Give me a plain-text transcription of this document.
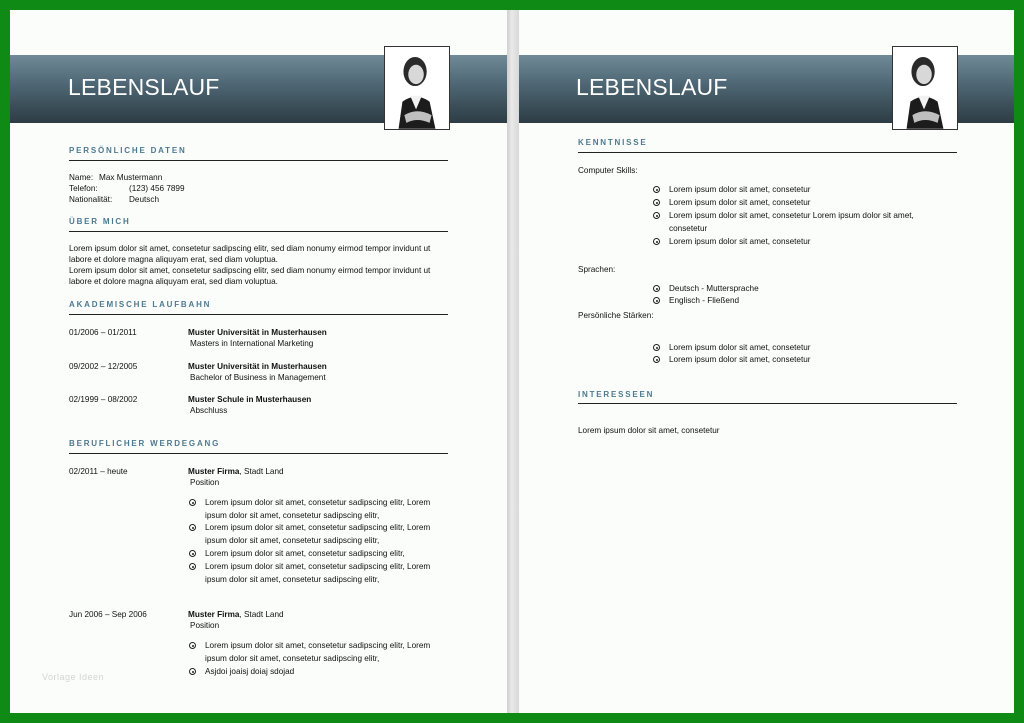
LEBENSLAUF
PERSÖNLICHE DATEN
Name: Max Mustermann
Telefon:	(123) 456 7899
Nationalität: Deutsch
ÜBER MICH
Lorem ipsum dolor sit amet, consetetur sadipscing elitr, sed diam nonumy eirmod tempor invidunt ut
labore et dolore magna aliquyam erat, sed diam voluptua.
Lorem ipsum dolor sit amet, consetetur sadipscing elitr, sed diam nonumy eirmod tempor invidunt ut
labore et dolore magna aliquyam erat, sed diam voluptua.
AKADEMISCHE LAUFBAHN
01/2006 – 01/2011	Muster Universität in Musterhausen
Masters in International Marketing
09/2002 – 12/2005	Muster Universität in Musterhausen
Bachelor of Business in Management
02/1999 – 08/2002	Muster Schule in Musterhausen
Abschluss
BERUFLICHER WERDEGANG
02/2011 – heute	Muster Firma, Stadt Land
Position
Lorem ipsum dolor sit amet, consetetur sadipscing elitr, Lorem
ipsum dolor sit amet, consetetur sadipscing elitr,
Lorem ipsum dolor sit amet, consetetur sadipscing elitr, Lorem
ipsum dolor sit amet, consetetur sadipscing elitr,
Lorem ipsum dolor sit amet, consetetur sadipscing elitr,
Lorem ipsum dolor sit amet, consetetur sadipscing elitr, Lorem
ipsum dolor sit amet, consetetur sadipscing elitr,
Jun 2006 – Sep 2006	Muster Firma, Stadt Land
Position
Lorem ipsum dolor sit amet, consetetur sadipscing elitr, Lorem
ipsum dolor sit amet, consetetur sadipscing elitr,
Asjdoi joaisj doiaj sdojad
Vorlage Ideen
LEBENSLAUF
KENNTNISSE
Computer Skills:
Lorem ipsum dolor sit amet, consetetur
Lorem ipsum dolor sit amet, consetetur
Lorem ipsum dolor sit amet, consetetur Lorem ipsum dolor sit amet,
consetetur
Lorem ipsum dolor sit amet, consetetur
Sprachen:
Deutsch - Muttersprache
Englisch - Fließend
Persönliche Stärken:
Lorem ipsum dolor sit amet, consetetur
Lorem ipsum dolor sit amet, consetetur
INTERESSEEN
Lorem ipsum dolor sit amet, consetetur
